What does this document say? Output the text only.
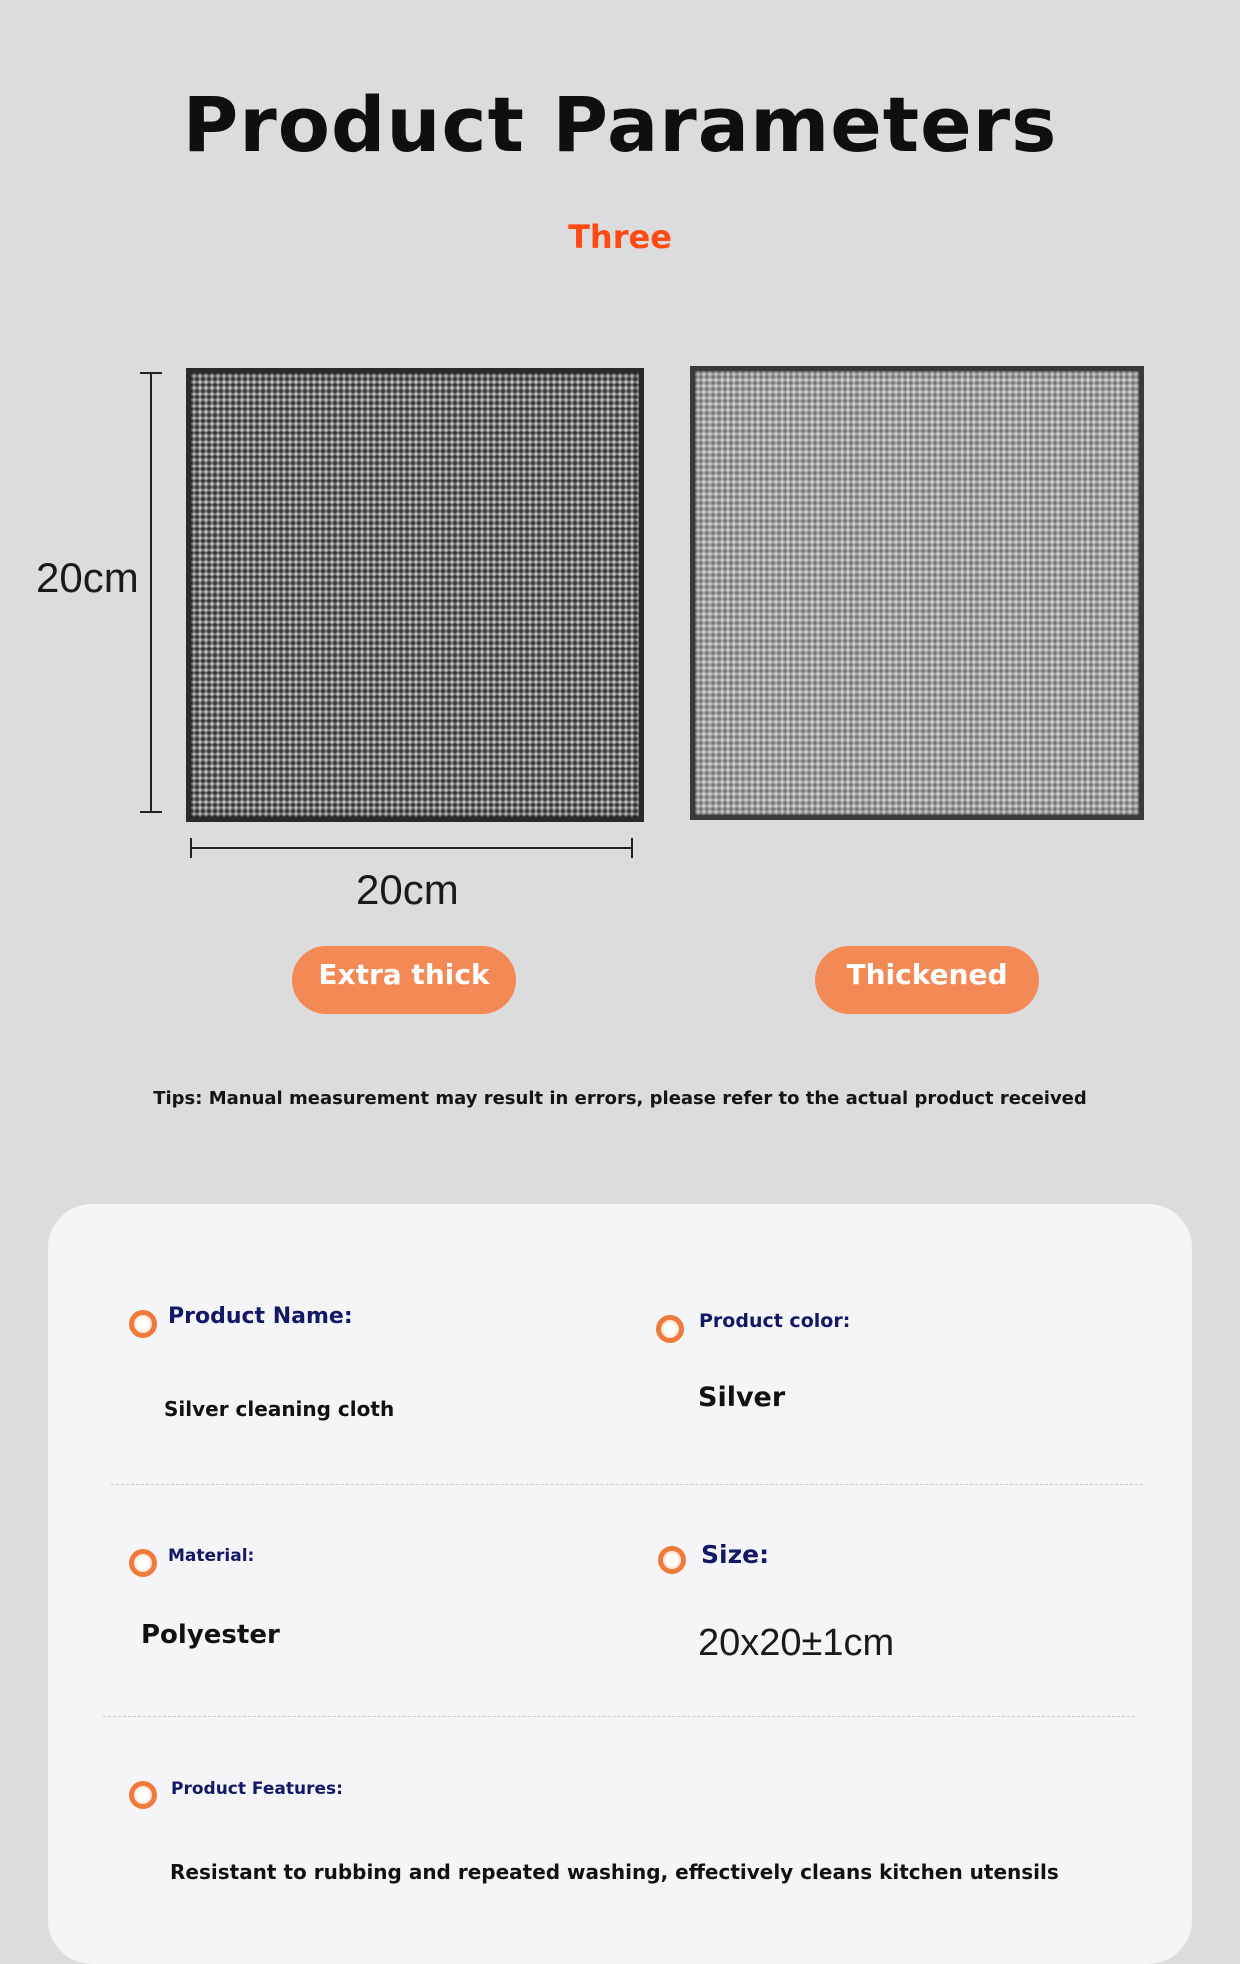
Product Parameters
Three
20cm
20cm
Extra thick	Thickened
Tips: Manual measurement may result in errors, please refer to the actual product received
Product Name:
Silver cleaning cloth
Product color:
Silver
Material:
Polyester
Size:
20x20±1cm
Product Features:
Resistant to rubbing and repeated washing, effectively cleans kitchen utensils
